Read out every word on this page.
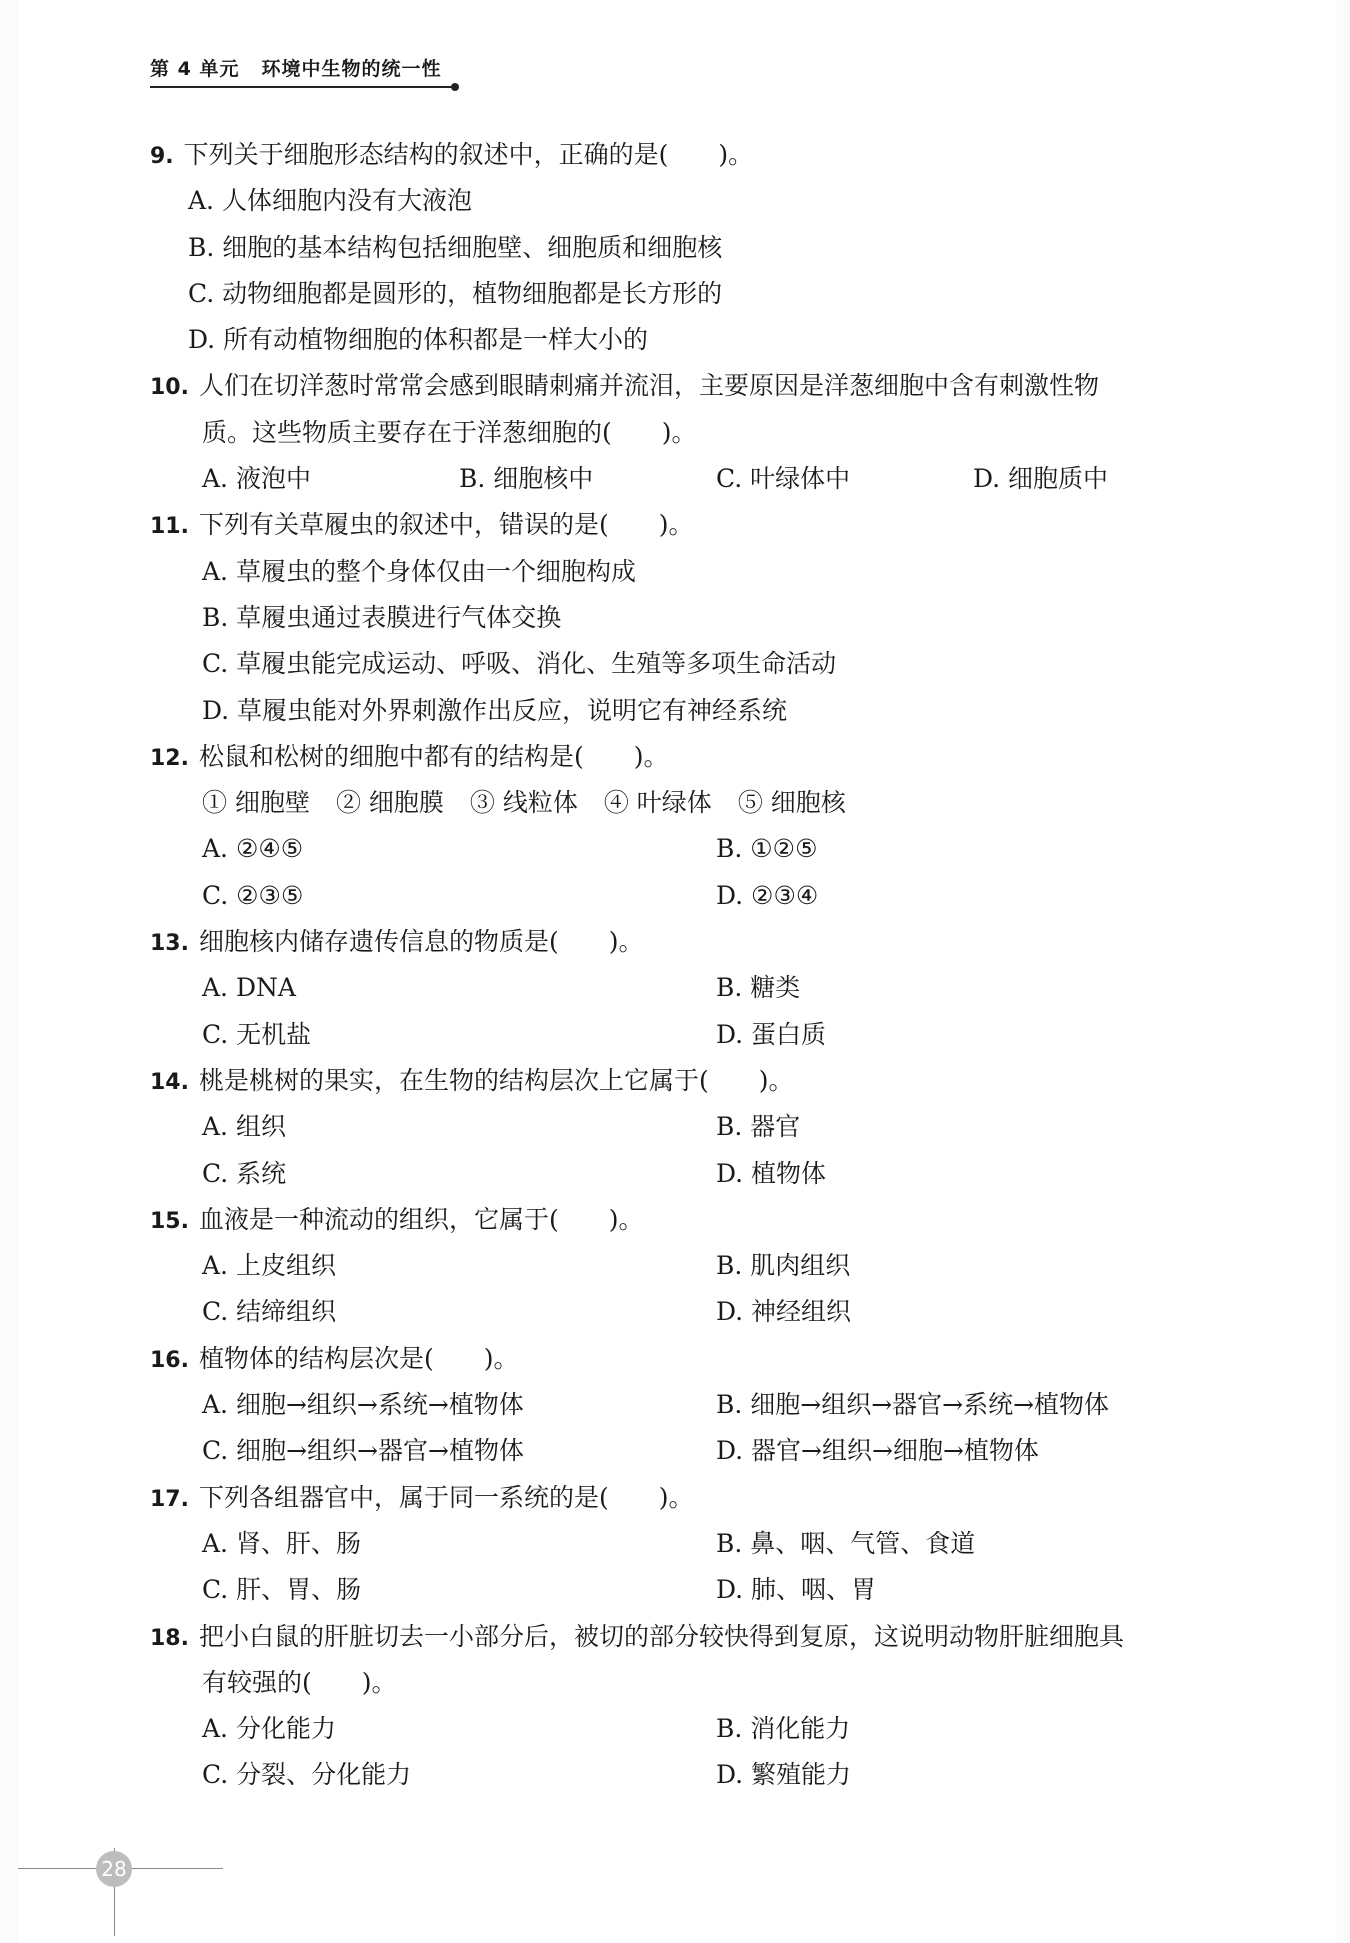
第 4 单元 环境中生物的统一性
9. 下列关于细胞形态结构的叙述中，正确的是(　　)。
A. 人体细胞内没有大液泡
B. 细胞的基本结构包括细胞壁、细胞质和细胞核
C. 动物细胞都是圆形的，植物细胞都是长方形的
D. 所有动植物细胞的体积都是一样大小的
10. 人们在切洋葱时常常会感到眼睛刺痛并流泪，主要原因是洋葱细胞中含有刺激性物
质。这些物质主要存在于洋葱细胞的(　　)。
A. 液泡中	B. 细胞核中	C. 叶绿体中	D. 细胞质中
11. 下列有关草履虫的叙述中，错误的是(　　)。
A. 草履虫的整个身体仅由一个细胞构成
B. 草履虫通过表膜进行气体交换
C. 草履虫能完成运动、呼吸、消化、生殖等多项生命活动
D. 草履虫能对外界刺激作出反应，说明它有神经系统
12. 松鼠和松树的细胞中都有的结构是(　　)。
① 细胞壁 ② 细胞膜 ③ 线粒体 ④ 叶绿体 ⑤ 细胞核
A. ②④⑤	B. ①②⑤
C. ②③⑤	D. ②③④
13. 细胞核内储存遗传信息的物质是(　　)。
A. DNA	B. 糖类
C. 无机盐	D. 蛋白质
14. 桃是桃树的果实，在生物的结构层次上它属于(　　)。
A. 组织	B. 器官
C. 系统	D. 植物体
15. 血液是一种流动的组织，它属于(　　)。
A. 上皮组织	B. 肌肉组织
C. 结缔组织	D. 神经组织
16. 植物体的结构层次是(　　)。
A. 细胞→组织→系统→植物体	B. 细胞→组织→器官→系统→植物体
C. 细胞→组织→器官→植物体	D. 器官→组织→细胞→植物体
17. 下列各组器官中，属于同一系统的是(　　)。
A. 肾、肝、肠	B. 鼻、咽、气管、食道
C. 肝、胃、肠	D. 肺、咽、胃
18. 把小白鼠的肝脏切去一小部分后，被切的部分较快得到复原，这说明动物肝脏细胞具
有较强的(　　)。
A. 分化能力	B. 消化能力
C. 分裂、分化能力	D. 繁殖能力
28
